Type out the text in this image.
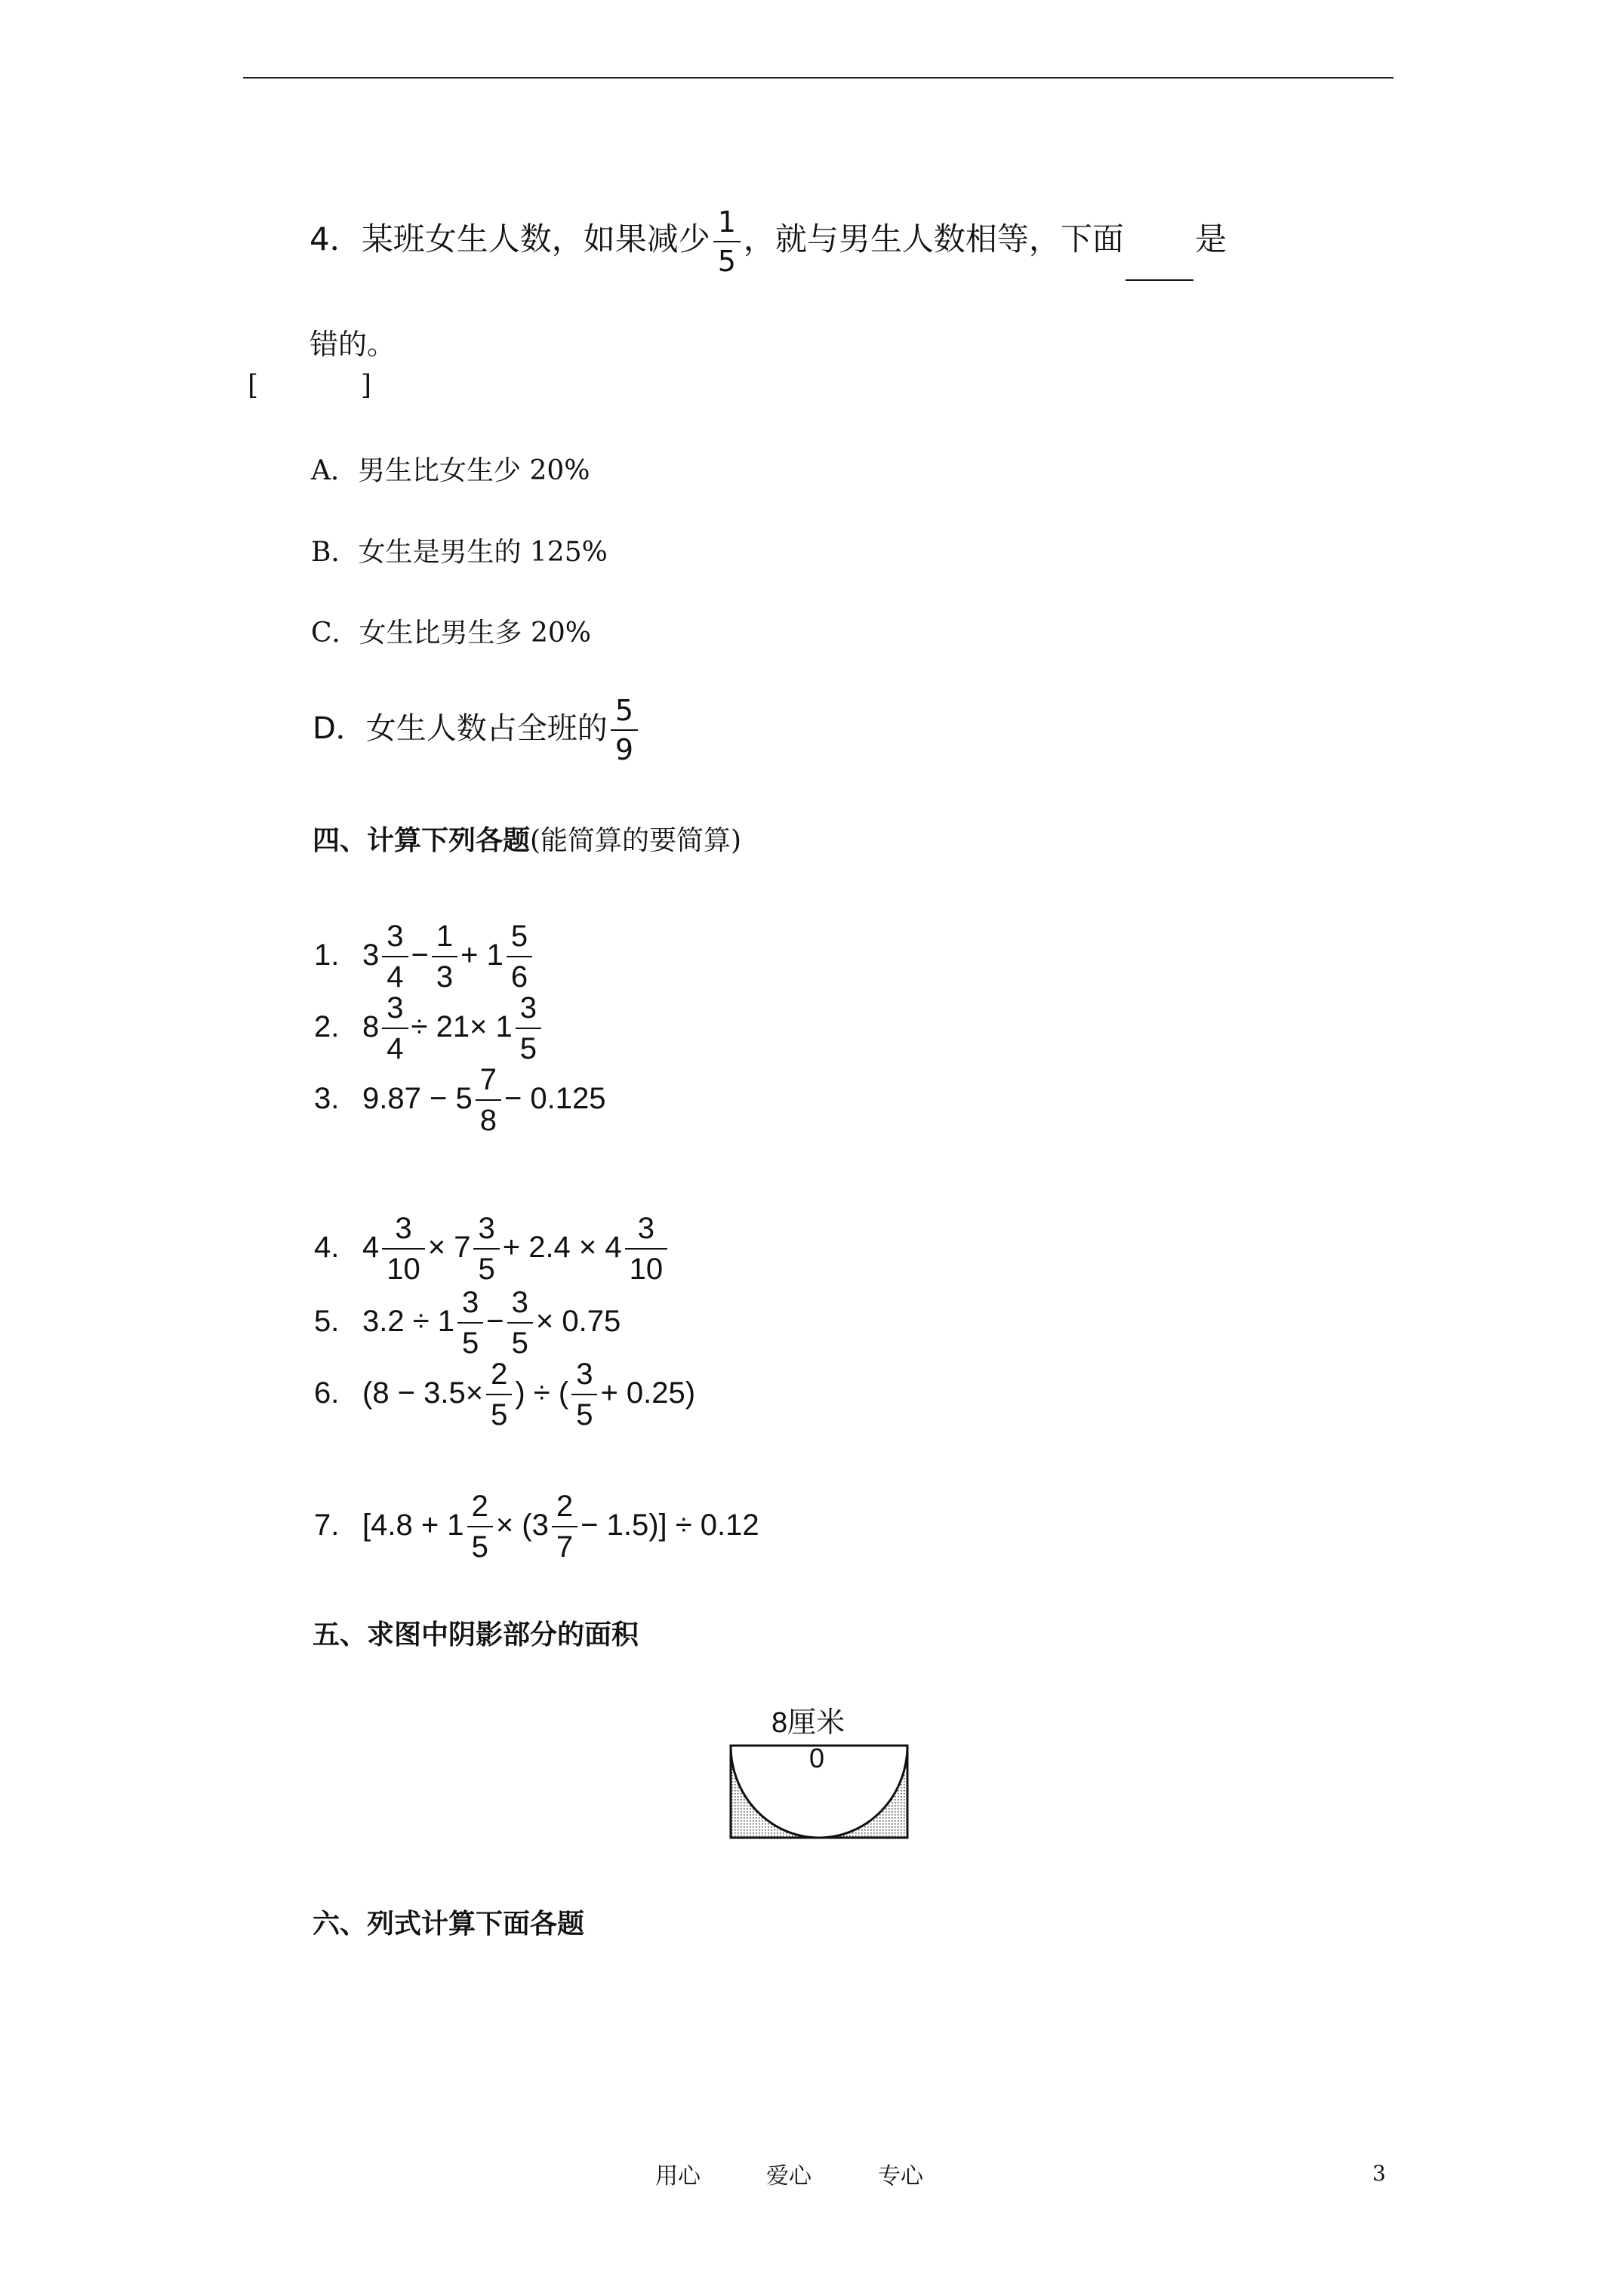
4．某班女生人数，如果减少 $\frac{1}{5}$ ，就与男生人数相等，下面 是
错的。
[	]
A．男生比女生少 20%
B．女生是男生的 125%
C．女生比男生多 20%
D．女生人数占全班的 $\frac{5}{9}$
四、计算下列各题(能简算的要简算)
1. $3 \frac{3}{4} - \frac{1}{3} + 1 \frac{5}{6}$
2. $8 \frac{3}{4} \div 21\times 1 \frac{3}{5}$
3. $9.87 - 5 \frac{7}{8} - 0.125$
4. $4 \frac{3}{10} \times 7 \frac{3}{5} + 2.4 \times 4 \frac{3}{10}$
5. $3.2 \div 1 \frac{3}{5} - \frac{3}{5} \times 0.75$
6. ($8 - 3.5\times \frac{2}{5}$ ) ÷ ( $\frac{3}{5} + 0.25$)
7. $[4.8 + 1 \frac{2}{5} \times (3 \frac{2}{7} - 1.5)] \div 0.12$
五、求图中阴影部分的面积
8厘米
0
六、列式计算下面各题
用心	爱心	专心	3
